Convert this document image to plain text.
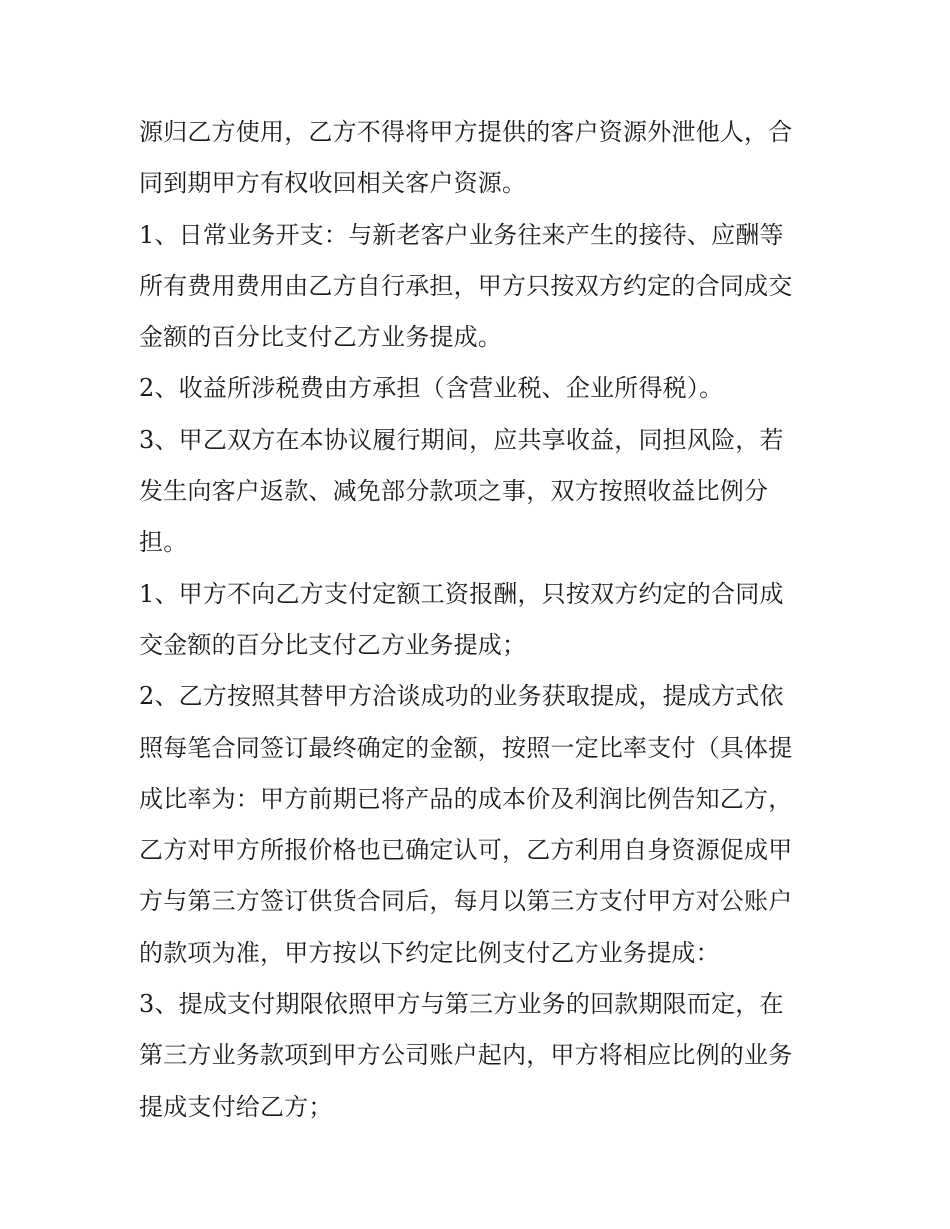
源归乙方使用，乙方不得将甲方提供的客户资源外泄他人，合
同到期甲方有权收回相关客户资源。
1、日常业务开支：与新老客户业务往来产生的接待、应酬等
所有费用费用由乙方自行承担，甲方只按双方约定的合同成交
金额的百分比支付乙方业务提成。
2、收益所涉税费由方承担（含营业税、企业所得税）。
3、甲乙双方在本协议履行期间，应共享收益，同担风险，若
发生向客户返款、减免部分款项之事，双方按照收益比例分
担。
1、甲方不向乙方支付定额工资报酬，只按双方约定的合同成
交金额的百分比支付乙方业务提成；
2、乙方按照其替甲方洽谈成功的业务获取提成，提成方式依
照每笔合同签订最终确定的金额，按照一定比率支付（具体提
成比率为：甲方前期已将产品的成本价及利润比例告知乙方，
乙方对甲方所报价格也已确定认可，乙方利用自身资源促成甲
方与第三方签订供货合同后，每月以第三方支付甲方对公账户
的款项为准，甲方按以下约定比例支付乙方业务提成：
3、提成支付期限依照甲方与第三方业务的回款期限而定，在
第三方业务款项到甲方公司账户起内，甲方将相应比例的业务
提成支付给乙方；
